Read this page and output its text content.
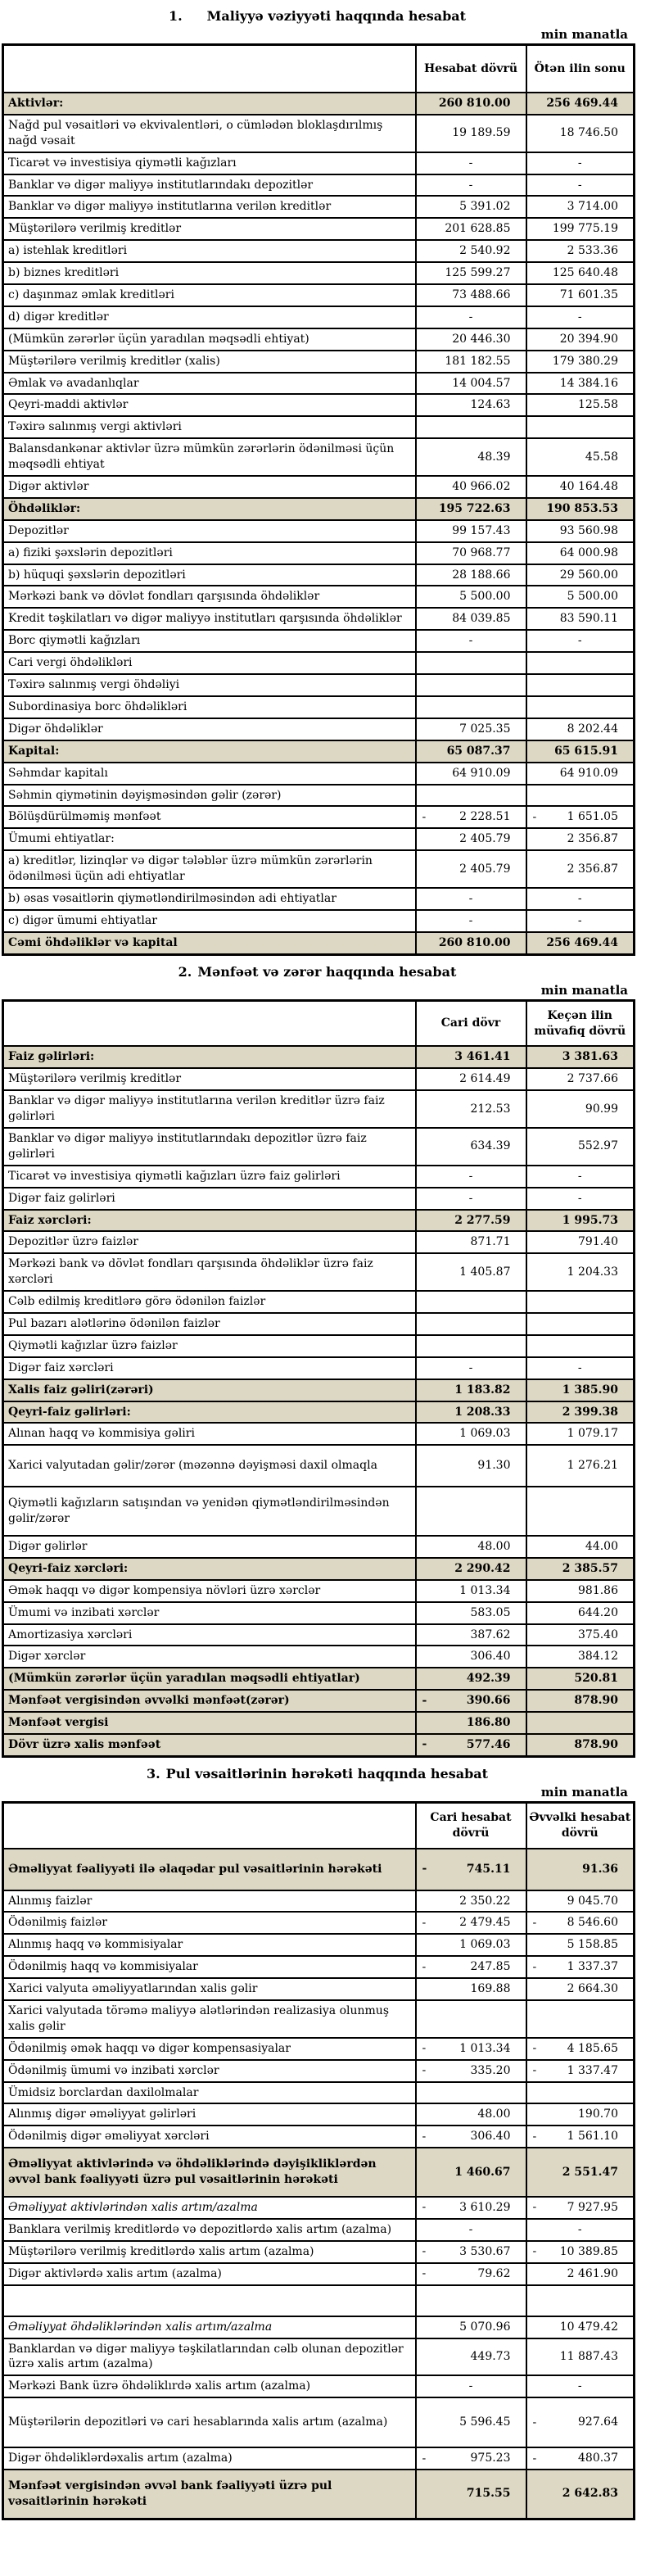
1. Maliyyə vəziyyəti haqqında hesabat
min manatla
	Hesabat dövrü	Ötən ilin sonu
Aktivlər:	260 810.00	256 469.44
Nağd pul vəsaitləri və ekvivalentləri, o cümlədən bloklaşdırılmış nağd vəsait	19 189.59	18 746.50
Ticarət və investisiya qiymətli kağızları	-	-
Banklar və digər maliyyə institutlarındakı depozitlər	-	-
Banklar və digər maliyyə institutlarına verilən kreditlər	5 391.02	3 714.00
Müştərilərə verilmiş kreditlər	201 628.85	199 775.19
a) istehlak kreditləri	2 540.92	2 533.36
b) biznes kreditləri	125 599.27	125 640.48
c) daşınmaz əmlak kreditləri	73 488.66	71 601.35
d) digər kreditlər	-	-
(Mümkün zərərlər üçün yaradılan məqsədli ehtiyat)	20 446.30	20 394.90
Müştərilərə verilmiş kreditlər (xalis)	181 182.55	179 380.29
Əmlak və avadanlıqlar	14 004.57	14 384.16
Qeyri-maddi aktivlər	124.63	125.58
Təxirə salınmış vergi aktivləri		
Balansdankənar aktivlər üzrə mümkün zərərlərin ödənilməsi üçün məqsədli ehtiyat	48.39	45.58
Digər aktivlər	40 966.02	40 164.48
Öhdəliklər:	195 722.63	190 853.53
Depozitlər	99 157.43	93 560.98
a) fiziki şəxslərin depozitləri	70 968.77	64 000.98
b) hüquqi şəxslərin depozitləri	28 188.66	29 560.00
Mərkəzi bank və dövlət fondları qarşısında öhdəliklər	5 500.00	5 500.00
Kredit təşkilatları və digər maliyyə institutları qarşısında öhdəliklər	84 039.85	83 590.11
Borc qiymətli kağızları	-	-
Cari vergi öhdəlikləri		
Təxirə salınmış vergi öhdəliyi		
Subordinasiya borc öhdəlikləri		
Digər öhdəliklər	7 025.35	8 202.44
Kapital:	65 087.37	65 615.91
Səhmdar kapitalı	64 910.09	64 910.09
Səhmin qiymətinin dəyişməsindən gəlir (zərər)		
Bölüşdürülməmiş mənfəət	- 2 228.51	- 1 651.05
Ümumi ehtiyatlar:	2 405.79	2 356.87
a) kreditlər, lizinqlər və digər tələblər üzrə mümkün zərərlərin ödənilməsi üçün adi ehtiyatlar	2 405.79	2 356.87
b) əsas vəsaitlərin qiymətləndirilməsindən adi ehtiyatlar	-	-
c) digər ümumi ehtiyatlar	-	-
Cəmi öhdəliklər və kapital	260 810.00	256 469.44
2. Mənfəət və zərər haqqında hesabat
min manatla
	Cari dövr	Keçən ilin müvafiq dövrü
Faiz gəlirləri:	3 461.41	3 381.63
Müştərilərə verilmiş kreditlər	2 614.49	2 737.66
Banklar və digər maliyyə institutlarına verilən kreditlər üzrə faiz gəlirləri	212.53	90.99
Banklar və digər maliyyə institutlarındakı depozitlər üzrə faiz gəlirləri	634.39	552.97
Ticarət və investisiya qiymətli kağızları üzrə faiz gəlirləri	-	-
Digər faiz gəlirləri	-	-
Faiz xərcləri:	2 277.59	1 995.73
Depozitlər üzrə faizlər	871.71	791.40
Mərkəzi bank və dövlət fondları qarşısında öhdəliklər üzrə faiz xərcləri	1 405.87	1 204.33
Cəlb edilmiş kreditlərə görə ödənilən faizlər		
Pul bazarı alətlərinə ödənilən faizlər		
Qiymətli kağızlar üzrə faizlər		
Digər faiz xərcləri	-	-
Xalis faiz gəliri(zərəri)	1 183.82	1 385.90
Qeyri-faiz gəlirləri:	1 208.33	2 399.38
Alınan haqq və kommisiya gəliri	1 069.03	1 079.17
Xarici valyutadan gəlir/zərər (məzənnə dəyişməsi daxil olmaqla	91.30	1 276.21
Qiymətli kağızların satışından və yenidən qiymətləndirilməsindən gəlir/zərər		
Digər gəlirlər	48.00	44.00
Qeyri-faiz xərcləri:	2 290.42	2 385.57
Əmək haqqı və digər kompensiya növləri üzrə xərclər	1 013.34	981.86
Ümumi və inzibati xərclər	583.05	644.20
Amortizasiya xərcləri	387.62	375.40
Digər xərclər	306.40	384.12
(Mümkün zərərlər üçün yaradılan məqsədli ehtiyatlar)	492.39	520.81
Mənfəət vergisindən əvvəlki mənfəət(zərər)	- 390.66	878.90
Mənfəət vergisi	186.80	
Dövr üzrə xalis mənfəət	- 577.46	878.90
3. Pul vəsaitlərinin hərəkəti haqqında hesabat
min manatla
	Cari hesabat dövrü	Əvvəlki hesabat dövrü
Əməliyyat fəaliyyəti ilə əlaqədar pul vəsaitlərinin hərəkəti	- 745.11	91.36
Alınmış faizlər	2 350.22	9 045.70
Ödənilmiş faizlər	- 2 479.45	- 8 546.60
Alınmış haqq və kommisiyalar	1 069.03	5 158.85
Ödənilmiş haqq və kommisiyalar	- 247.85	- 1 337.37
Xarici valyuta əməliyyatlarından xalis gəlir	169.88	2 664.30
Xarici valyutada törəmə maliyyə alətlərindən realizasiya olunmuş xalis gəlir		
Ödənilmiş əmək haqqı və digər kompensasiyalar	- 1 013.34	- 4 185.65
Ödənilmiş ümumi və inzibati xərclər	- 335.20	- 1 337.47
Ümidsiz borclardan daxilolmalar		
Alınmış digər əməliyyat gəlirləri	48.00	190.70
Ödənilmiş digər əməliyyat xərcləri	- 306.40	- 1 561.10
Əməliyyat aktivlərində və öhdəliklərində dəyişikliklərdən əvvəl bank fəaliyyəti üzrə pul vəsaitlərinin hərəkəti	1 460.67	2 551.47
Əməliyyat aktivlərindən xalis artım/azalma	- 3 610.29	- 7 927.95
Banklara verilmiş kreditlərdə və depozitlərdə xalis artım (azalma)	-	-
Müştərilərə verilmiş kreditlərdə xalis artım (azalma)	- 3 530.67	- 10 389.85
Digər aktivlərdə xalis artım (azalma)	- 79.62	2 461.90

Əməliyyat öhdəliklərindən xalis artım/azalma	5 070.96	10 479.42
Banklardan və digər maliyyə təşkilatlarından cəlb olunan depozitlər üzrə xalis artım (azalma)	449.73	11 887.43
Mərkəzi Bank üzrə öhdəliklırdə xalis artım (azalma)	-	-
Müştərilərin depozitləri və cari hesablarında xalis artım (azalma)	5 596.45	- 927.64
Digər öhdəliklərdəxalis artım (azalma)	- 975.23	- 480.37
Mənfəət vergisindən əvvəl bank fəaliyyəti üzrə pul vəsaitlərinin hərəkəti	715.55	2 642.83
